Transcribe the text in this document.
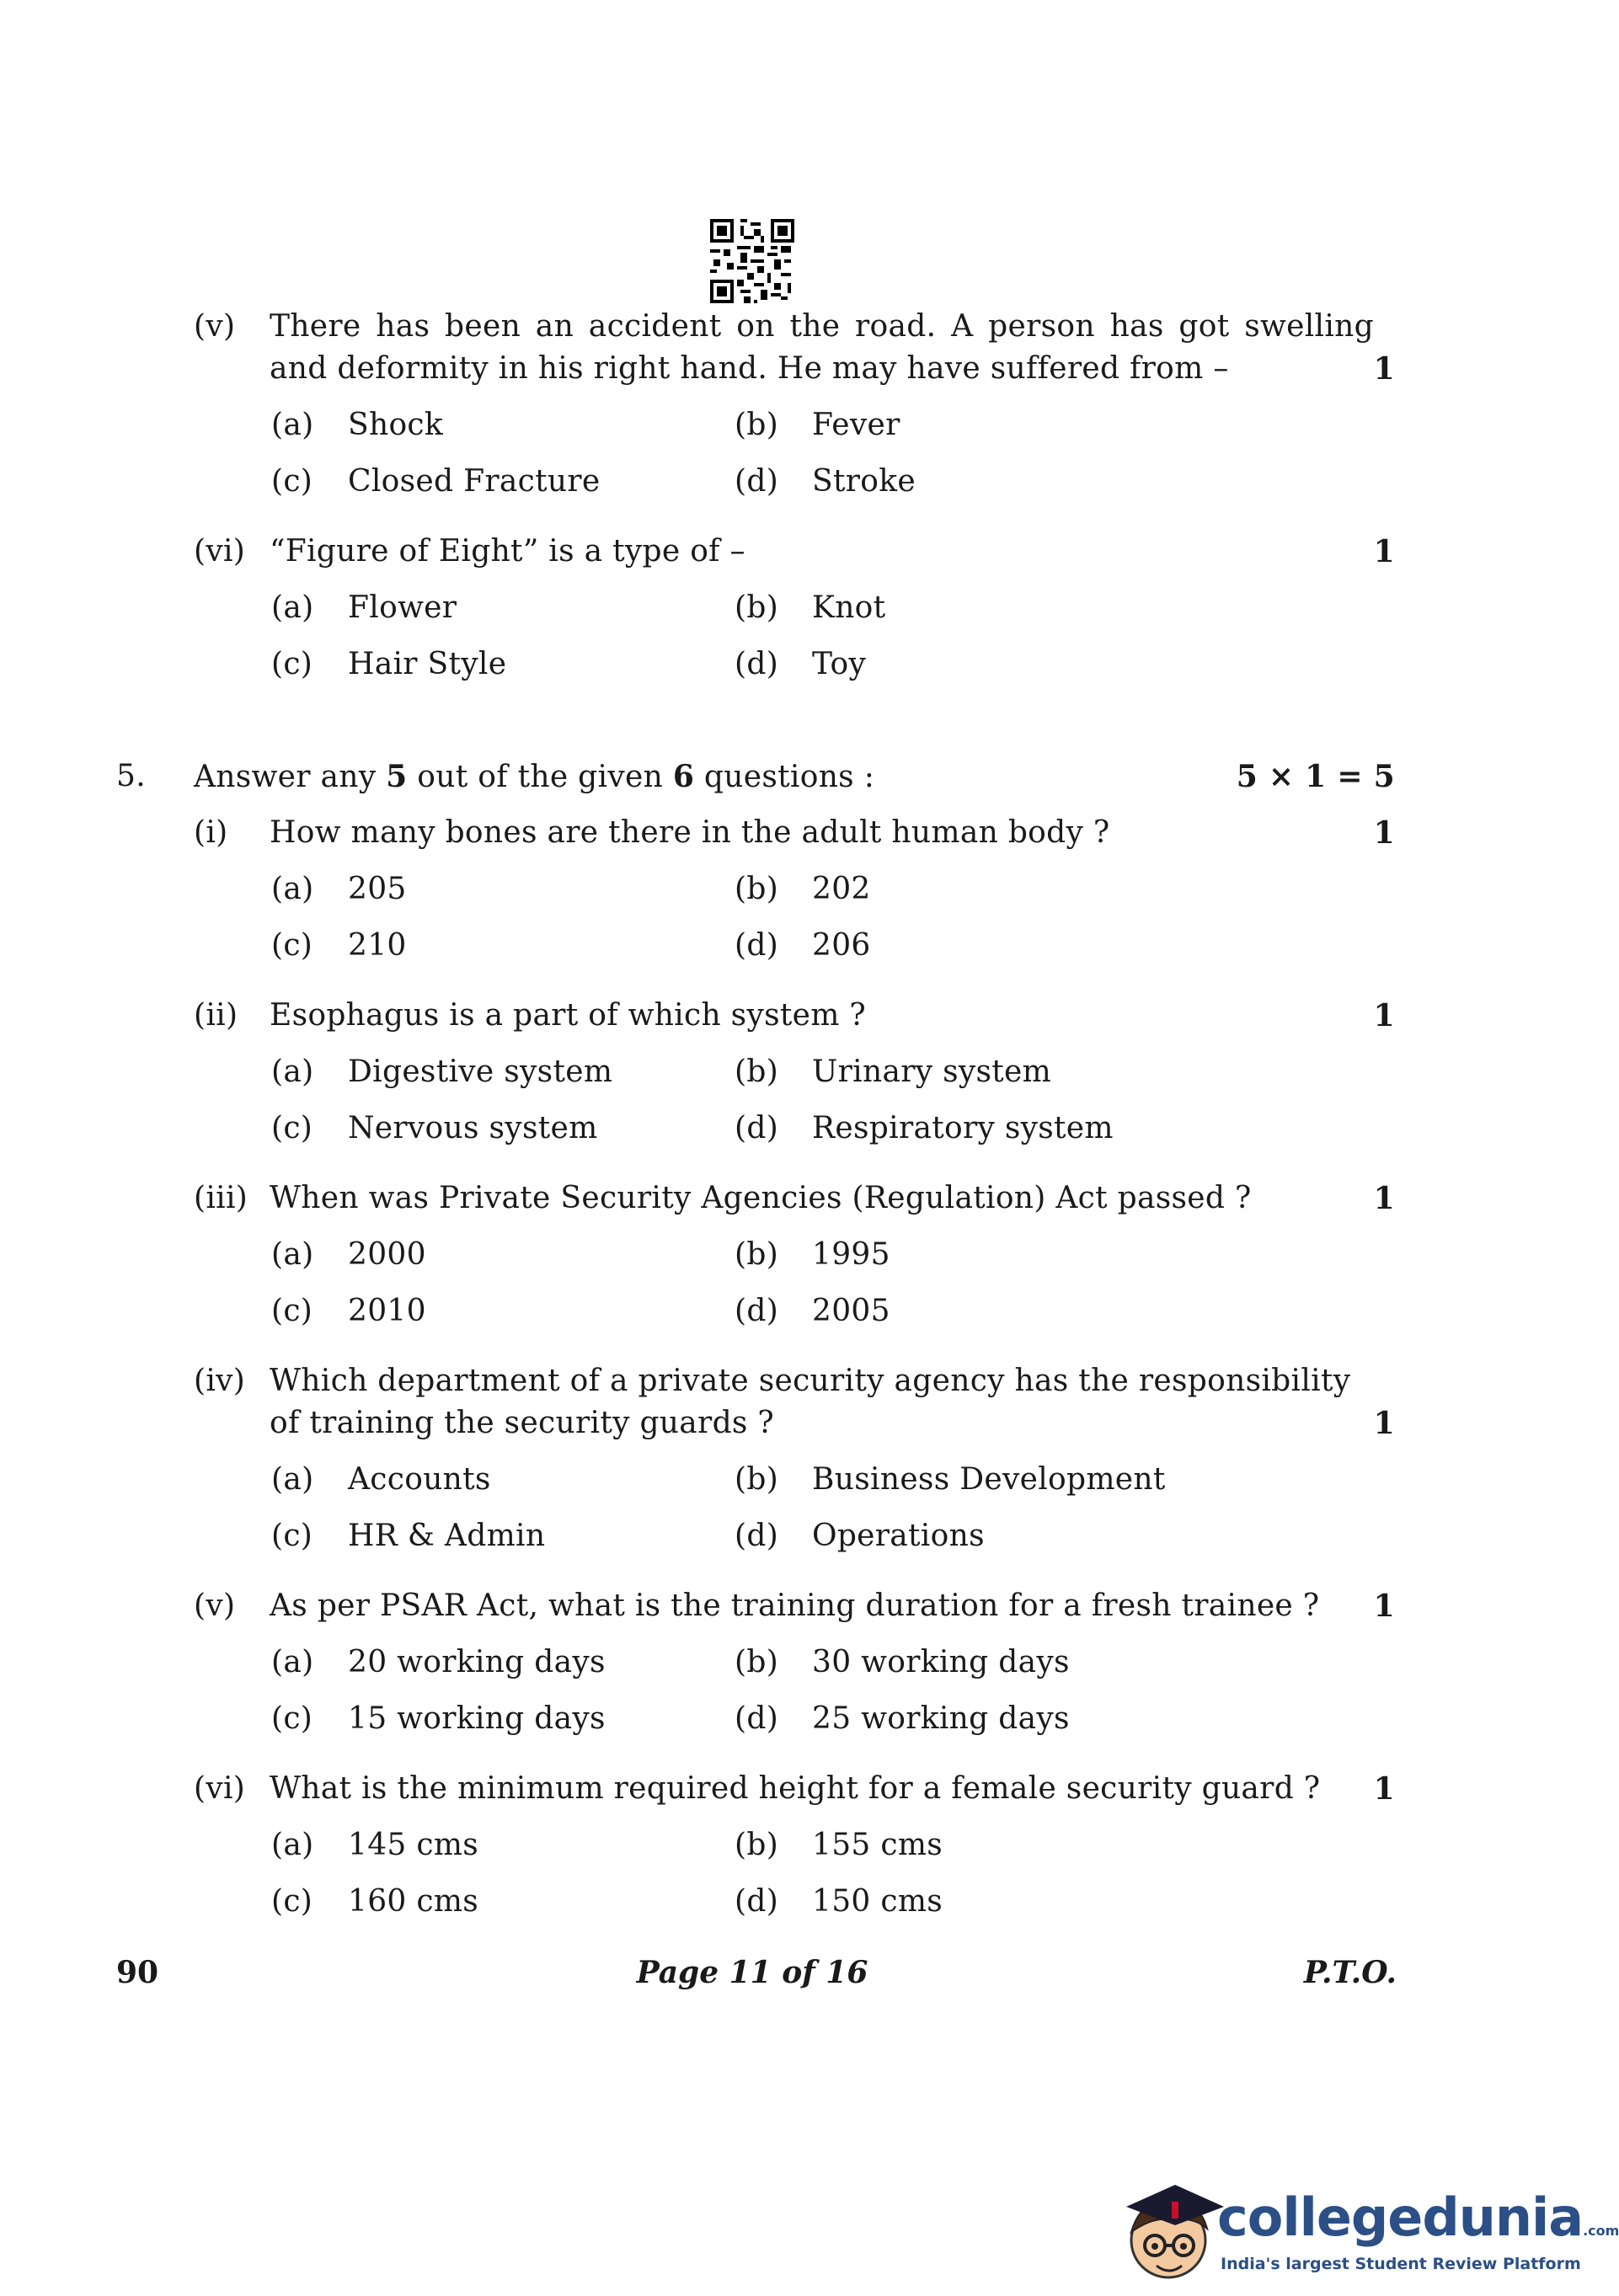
(v) There has been an accident on the road. A person has got swelling
and deformity in his right hand. He may have suffered from –	1
(a) Shock	(b) Fever
(c) Closed Fracture	(d) Stroke
(vi) “Figure of Eight” is a type of –	1
(a) Flower	(b) Knot
(c) Hair Style	(d) Toy
5. Answer any 5 out of the given 6 questions :	5 × 1 = 5
(i) How many bones are there in the adult human body ?	1
(a) 205	(b) 202
(c) 210	(d) 206
(ii) Esophagus is a part of which system ?	1
(a) Digestive system	(b) Urinary system
(c) Nervous system	(d) Respiratory system
(iii) When was Private Security Agencies (Regulation) Act passed ?	1
(a) 2000	(b) 1995
(c) 2010	(d) 2005
(iv) Which department of a private security agency has the responsibility
of training the security guards ?	1
(a) Accounts	(b) Business Development
(c) HR & Admin	(d) Operations
(v) As per PSAR Act, what is the training duration for a fresh trainee ? 1
(a) 20 working days	(b) 30 working days
(c) 15 working days	(d) 25 working days
(vi) What is the minimum required height for a female security guard ? 1
(a) 145 cms	(b) 155 cms
(c) 160 cms	(d) 150 cms
90	Page 11 of 16	P.T.O.
collegedunia.com
India's largest Student Review Platform
